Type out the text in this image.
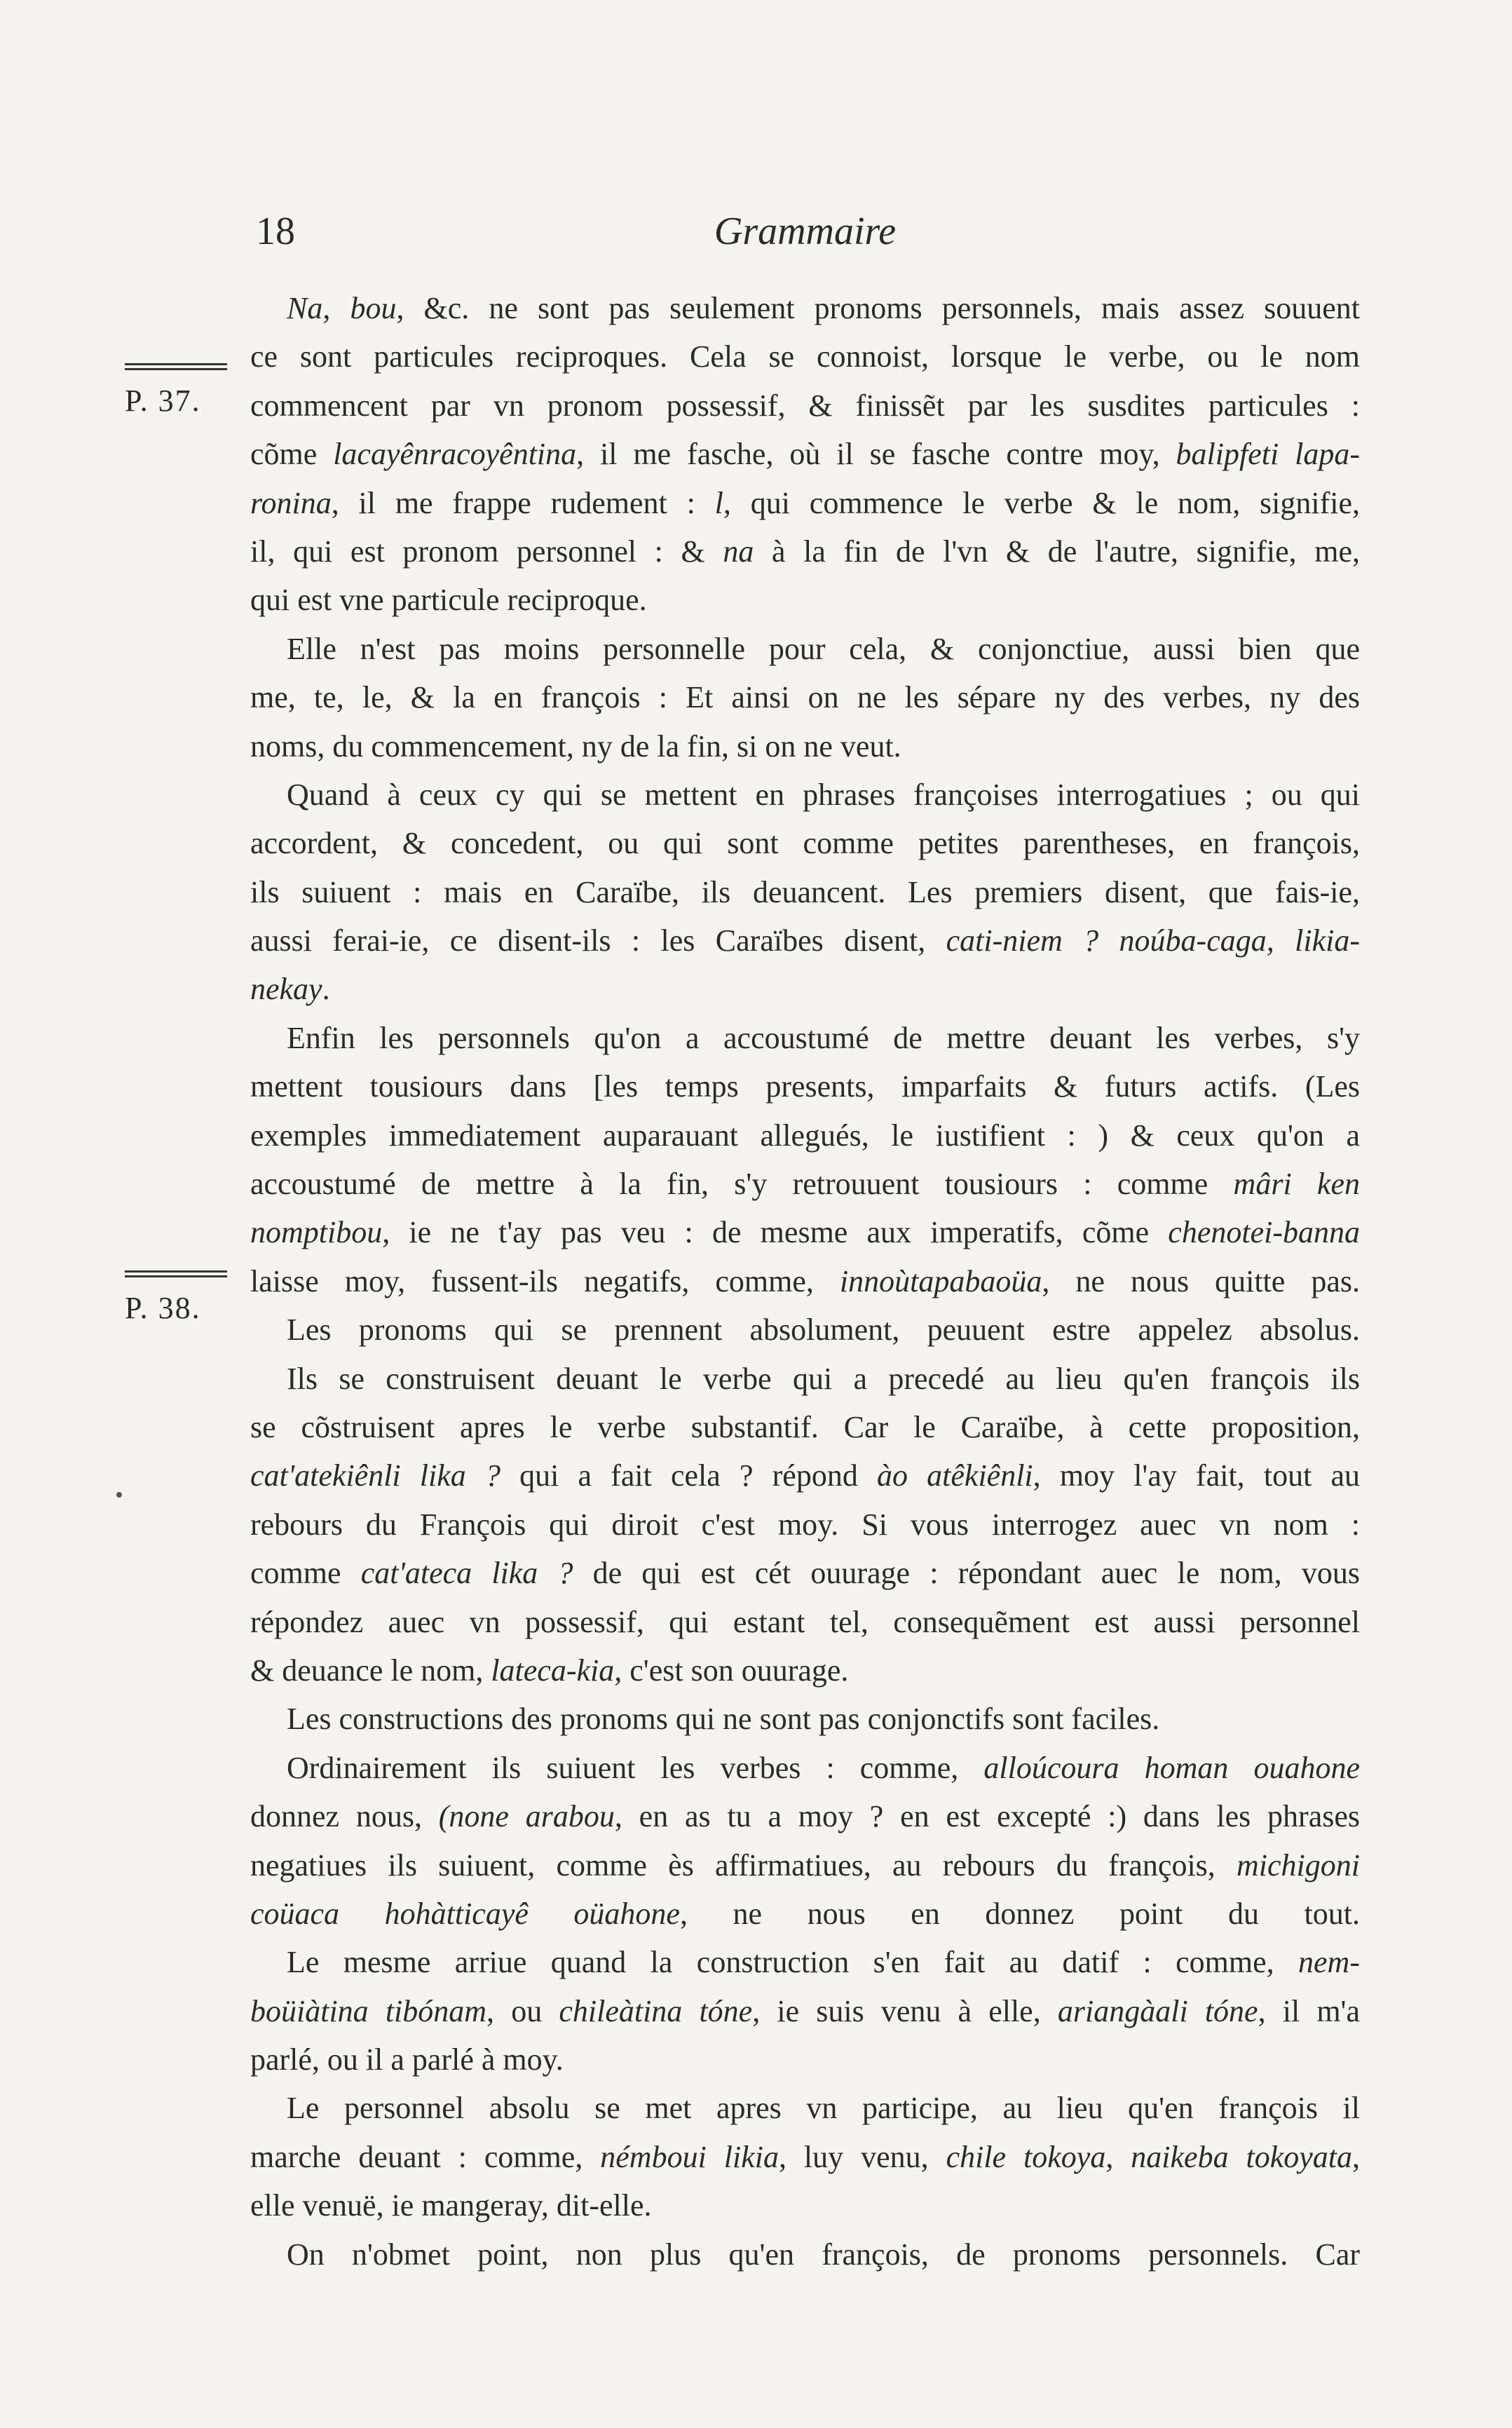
18	Grammaire
P. 37.
P. 38.
Na, bou, &c. ne sont pas seulement pronoms personnels, mais assez souuent
ce sont particules reciproques. Cela se connoist, lorsque le verbe, ou le nom
commencent par vn pronom possessif, & finissẽt par les susdites particules :
cõme lacayênracoyêntina, il me fasche, où il se fasche contre moy, balipfeti lapa-
ronina, il me frappe rudement : l, qui commence le verbe & le nom, signifie,
il, qui est pronom personnel : & na à la fin de l'vn & de l'autre, signifie, me,
qui est vne particule reciproque.
Elle n'est pas moins personnelle pour cela, & conjonctiue, aussi bien que
me, te, le, & la en françois : Et ainsi on ne les sépare ny des verbes, ny des
noms, du commencement, ny de la fin, si on ne veut.
Quand à ceux cy qui se mettent en phrases françoises interrogatiues ; ou qui
accordent, & concedent, ou qui sont comme petites parentheses, en françois,
ils suiuent : mais en Caraïbe, ils deuancent. Les premiers disent, que fais-ie,
aussi ferai-ie, ce disent-ils : les Caraïbes disent, cati-niem ? noúba-caga, likia-
nekay.
Enfin les personnels qu'on a accoustumé de mettre deuant les verbes, s'y
mettent tousiours dans [les temps presents, imparfaits & futurs actifs. (Les
exemples immediatement auparauant allegués, le iustifient : ) & ceux qu'on a
accoustumé de mettre à la fin, s'y retrouuent tousiours : comme mâri ken
nomptibou, ie ne t'ay pas veu : de mesme aux imperatifs, cõme chenotei-banna
laisse moy, fussent-ils negatifs, comme, innoùtapabaoüa, ne nous quitte pas.
Les pronoms qui se prennent absolument, peuuent estre appelez absolus.
Ils se construisent deuant le verbe qui a precedé au lieu qu'en françois ils
se cõstruisent apres le verbe substantif. Car le Caraïbe, à cette proposition,
cat'atekiênli lika ? qui a fait cela ? répond ào atêkiênli, moy l'ay fait, tout au
rebours du François qui diroit c'est moy. Si vous interrogez auec vn nom :
comme cat'ateca lika ? de qui est cét ouurage : répondant auec le nom, vous
répondez auec vn possessif, qui estant tel, consequẽment est aussi personnel
& deuance le nom, lateca-kia, c'est son ouurage.
Les constructions des pronoms qui ne sont pas conjonctifs sont faciles.
Ordinairement ils suiuent les verbes : comme, alloúcoura homan ouahone
donnez nous, (none arabou, en as tu a moy ? en est excepté :) dans les phrases
negatiues ils suiuent, comme ès affirmatiues, au rebours du françois, michigoni
coüaca hohàtticayê oüahone, ne nous en donnez point du tout.
Le mesme arriue quand la construction s'en fait au datif : comme, nem-
boüiàtina tibónam, ou chileàtina tóne, ie suis venu à elle, ariangàali tóne, il m'a
parlé, ou il a parlé à moy.
Le personnel absolu se met apres vn participe, au lieu qu'en françois il
marche deuant : comme, némboui likia, luy venu, chile tokoya, naikeba tokoyata,
elle venuë, ie mangeray, dit-elle.
On n'obmet point, non plus qu'en françois, de pronoms personnels. Car
